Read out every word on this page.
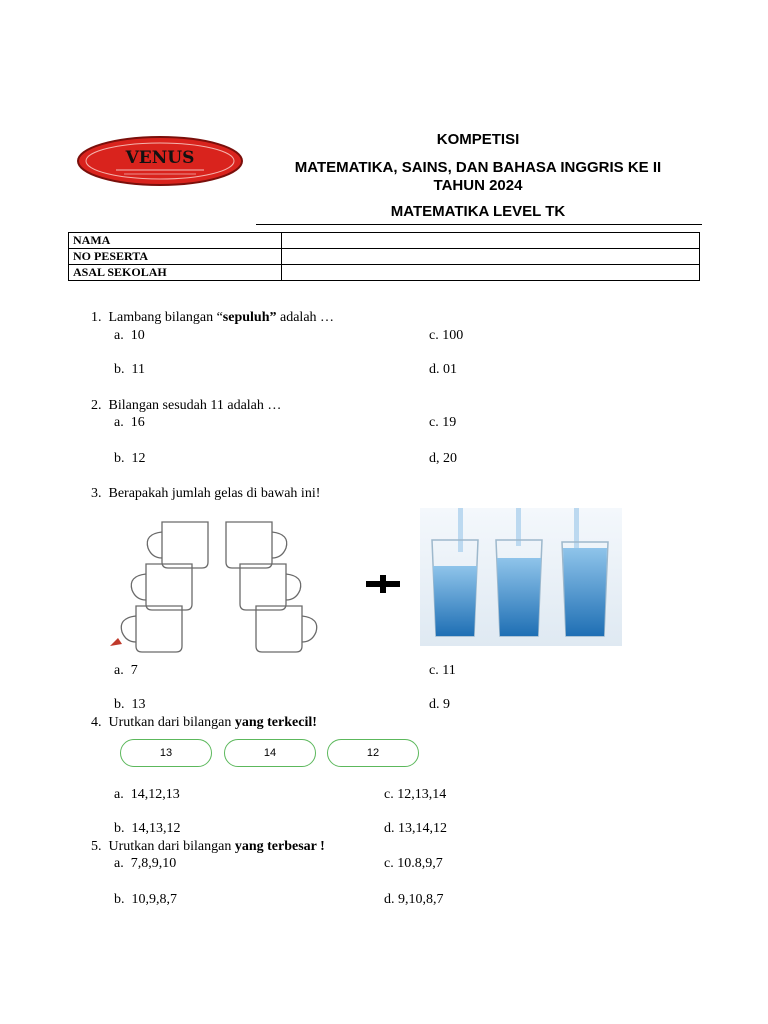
VENUS
KOMPETISI
MATEMATIKA, SAINS, DAN BAHASA INGGRIS KE II
TAHUN 2024
MATEMATIKA LEVEL TK
NAMA	
NO PESERTA	
ASAL SEKOLAH	
1. Lambang bilangan “sepuluh” adalah …
a. 10	c. 100
b. 11	d. 01
2. Bilangan sesudah 11 adalah …
a. 16	c. 19
b. 12	d, 20
3. Berapakah jumlah gelas di bawah ini!
a. 7	c. 11
b. 13	d. 9
4. Urutkan dari bilangan yang terkecil!
13	14	12
a. 14,12,13	c. 12,13,14
b. 14,13,12	d. 13,14,12
5. Urutkan dari bilangan yang terbesar !
a. 7,8,9,10	c. 10.8,9,7
b. 10,9,8,7	d. 9,10,8,7
